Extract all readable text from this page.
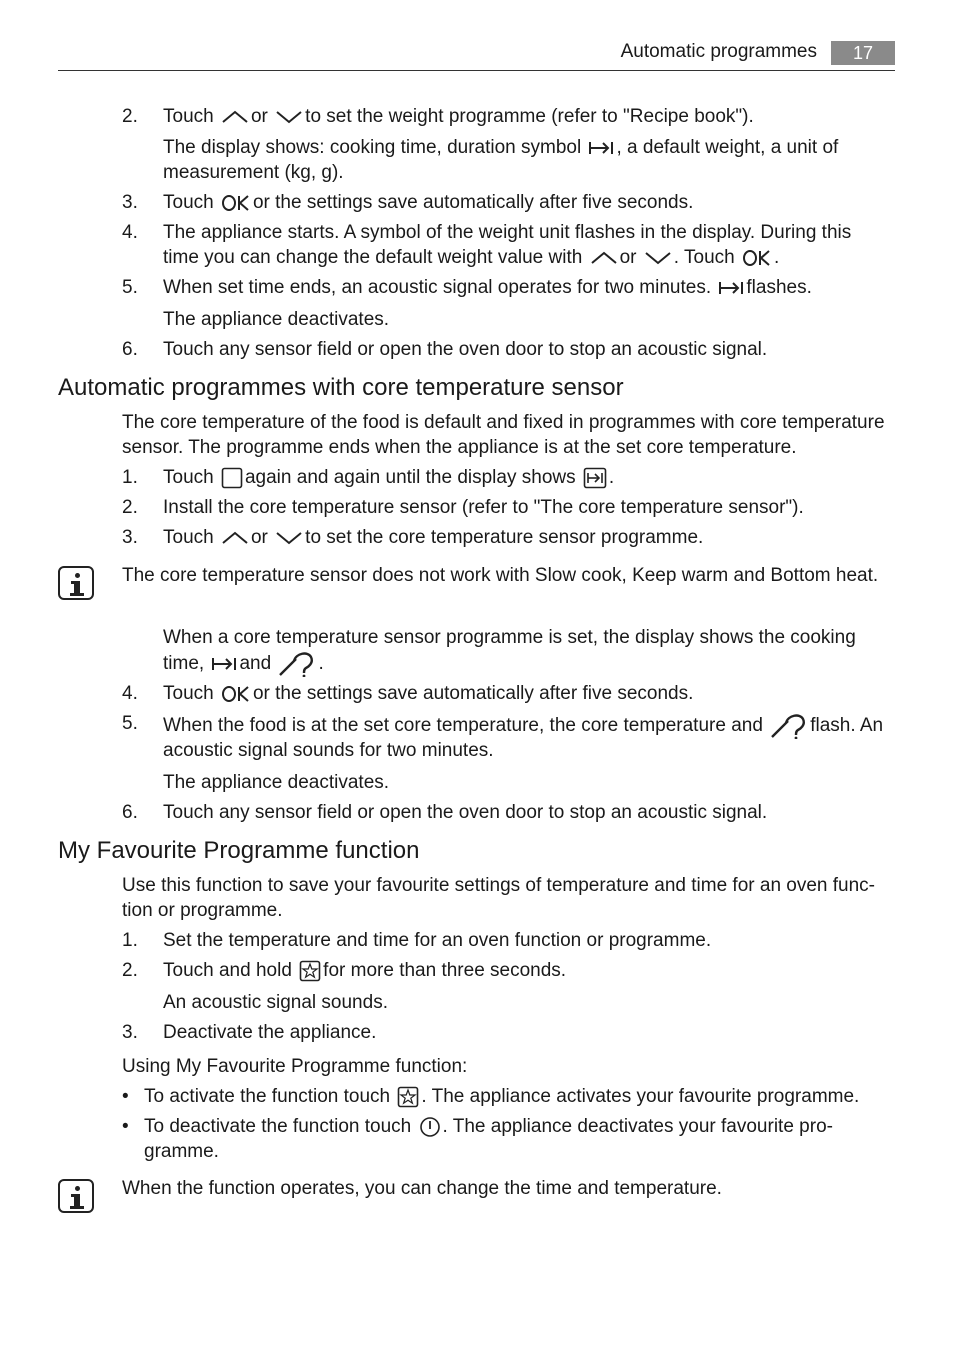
Automatic programmes	17
2. Touch or to set the weight programme (refer to "Recipe book").
The display shows: cooking time, duration symbol , a default weight, a unit of
measurement (kg, g).
3. Touch or the settings save automatically after five seconds.
4. The appliance starts. A symbol of the weight unit flashes in the display. During this
time you can change the default weight value with or . Touch .
5. When set time ends, an acoustic signal operates for two minutes. flashes.
The appliance deactivates.
6. Touch any sensor field or open the oven door to stop an acoustic signal.
Automatic programmes with core temperature sensor
The core temperature of the food is default and fixed in programmes with core temperature
sensor. The programme ends when the appliance is at the set core temperature.
1. Touch again and again until the display shows .
2. Install the core temperature sensor (refer to "The core temperature sensor").
3. Touch or to set the core temperature sensor programme.
The core temperature sensor does not work with Slow cook, Keep warm and Bottom heat.
When a core temperature sensor programme is set, the display shows the cooking
time, and .
4. Touch or the settings save automatically after five seconds.
5. When the food is at the set core temperature, the core temperature and flash. An
acoustic signal sounds for two minutes.
The appliance deactivates.
6. Touch any sensor field or open the oven door to stop an acoustic signal.
My Favourite Programme function
Use this function to save your favourite settings of temperature and time for an oven func-
tion or programme.
1. Set the temperature and time for an oven function or programme.
2. Touch and hold for more than three seconds.
An acoustic signal sounds.
3. Deactivate the appliance.
Using My Favourite Programme function:
• To activate the function touch . The appliance activates your favourite programme.
• To deactivate the function touch . The appliance deactivates your favourite pro-
gramme.
When the function operates, you can change the time and temperature.
